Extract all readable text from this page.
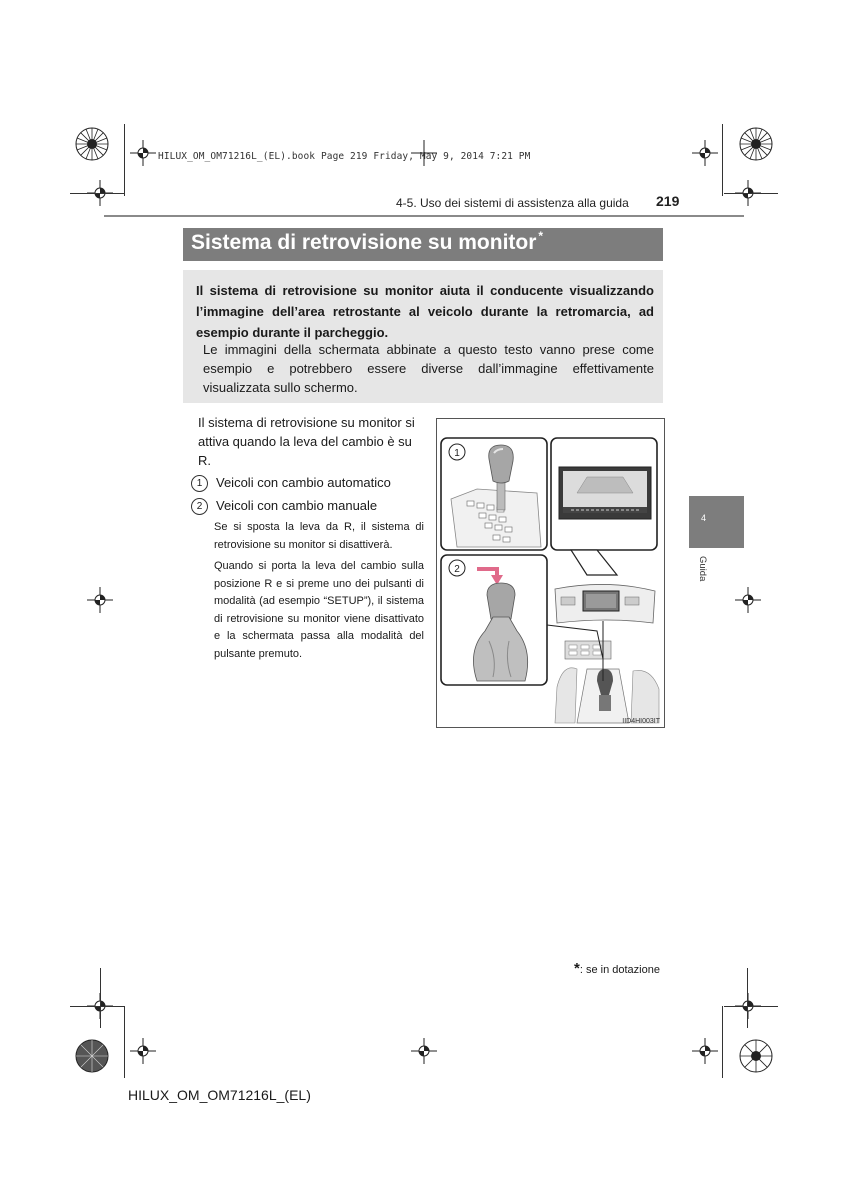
HILUX_OM_OM71216L_(EL).book Page 219 Friday, May 9, 2014 7:21 PM
4-5. Uso dei sistemi di assistenza alla guida 219
Sistema di retrovisione su monitor *
Il sistema di retrovisione su monitor aiuta il conducente visualizzando l’immagine dell’area retrostante al veicolo durante la retromarcia, ad esempio durante il parcheggio.
Le immagini della schermata abbinate a questo testo vanno prese come esempio e potrebbero essere diverse dall’immagine effettivamente visualizzata sullo schermo.
Il sistema di retrovisione su monitor si attiva quando la leva del cambio è su R.
1 Veicoli con cambio automatico
2 Veicoli con cambio manuale
Se si sposta la leva da R, il sistema di retrovisione su monitor si disattiverà.
Quando si porta la leva del cambio sulla posizione R e si preme uno dei pulsanti di modalità (ad esempio “SETUP”), il sistema di retrovisione su monitor viene disattivato e la schermata passa alla modalità del pulsante premuto.
1
2
IID4HI003IT
4
Guida
*: se in dotazione
HILUX_OM_OM71216L_(EL)
